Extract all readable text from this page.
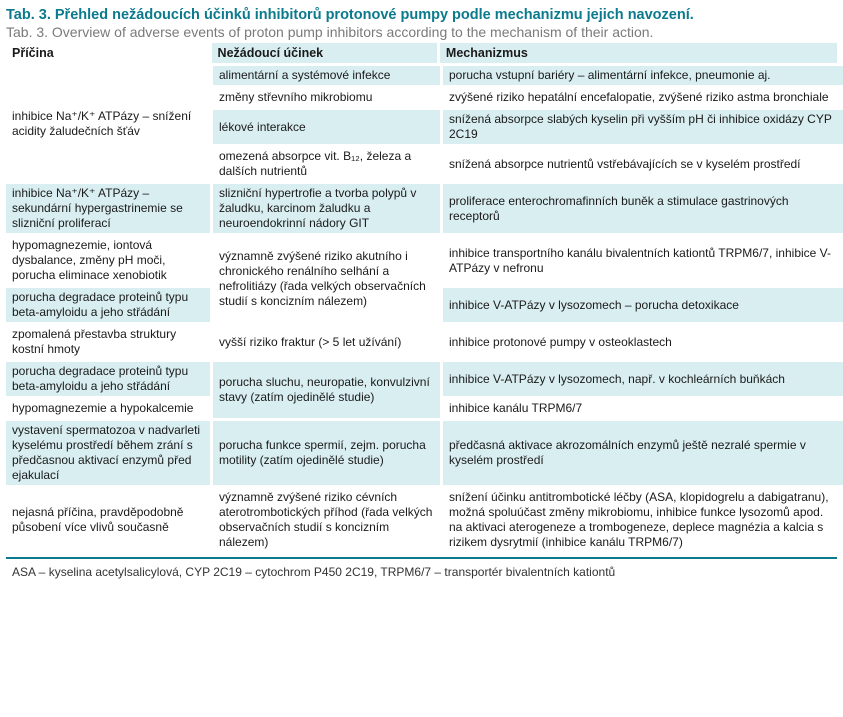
Tab. 3. Přehled nežádoucích účinků inhibitorů protonové pumpy podle mechanizmu jejich navození.
Tab. 3. Overview of adverse events of proton pump inhibitors according to the mechanism of their action.
Příčina	Nežádoucí účinek	Mechanizmus
inhibice Na⁺/K⁺ ATPázy – snížení acidity žaludečních šťáv	alimentární a systémové infekce	porucha vstupní bariéry – alimentární infekce, pneumonie aj.
	změny střevního mikrobiomu	zvýšené riziko hepatální encefalopatie, zvýšené riziko astma bronchiale
	lékové interakce	snížená absorpce slabých kyselin při vyšším pH či inhibice oxidázy CYP 2C19
	omezená absorpce vit. B₁₂, železa a dalších nutrientů	snížená absorpce nutrientů vstřebávajících se v kyselém prostředí
inhibice Na⁺/K⁺ ATPázy – sekundární hypergastrinemie se slizniční proliferací	slizniční hypertrofie a tvorba polypů v žaludku, karcinom žaludku a neuroendokrinní nádory GIT	proliferace enterochromafinních buněk a stimulace gastrinových receptorů
hypomagnezemie, iontová dysbalance, změny pH moči, porucha eliminace xenobiotik	významně zvýšené riziko akutního i chronického renálního selhání a nefrolitiázy (řada velkých observačních studií s koncizním nálezem)	inhibice transportního kanálu bivalentních kationtů TRPM6/7, inhibice V-ATPázy v nefronu
porucha degradace proteinů typu beta-amyloidu a jeho střádání		inhibice V-ATPázy v lysozomech – porucha detoxikace
zpomalená přestavba struktury kostní hmoty	vyšší riziko fraktur (> 5 let užívání)	inhibice protonové pumpy v osteoklastech
porucha degradace proteinů typu beta-amyloidu a jeho střádání	porucha sluchu, neuropatie, konvulzivní stavy (zatím ojedinělé studie)	inhibice V-ATPázy v lysozomech, např. v kochleárních buňkách
hypomagnezemie a hypokalcemie		inhibice kanálu TRPM6/7
vystavení spermatozoa v nadvarleti kyselému prostředí během zrání s předčasnou aktivací enzymů před ejakulací	porucha funkce spermií, zejm. porucha motility (zatím ojedinělé studie)	předčasná aktivace akrozomálních enzymů ještě nezralé spermie v kyselém prostředí
nejasná příčina, pravděpodobně působení více vlivů současně	významně zvýšené riziko cévních aterotrombotických příhod (řada velkých observačních studií s koncizním nálezem)	snížení účinku antitrombotické léčby (ASA, klopidogrelu a dabigatranu), možná spoluúčast změny mikrobiomu, inhibice funkce lysozomů apod. na aktivaci aterogeneze a trombogeneze, deplece magnézia a kalcia s rizikem dysrytmií (inhibice kanálu TRPM6/7)
ASA – kyselina acetylsalicylová, CYP 2C19 – cytochrom P450 2C19, TRPM6/7 – transportér bivalentních kationtů
